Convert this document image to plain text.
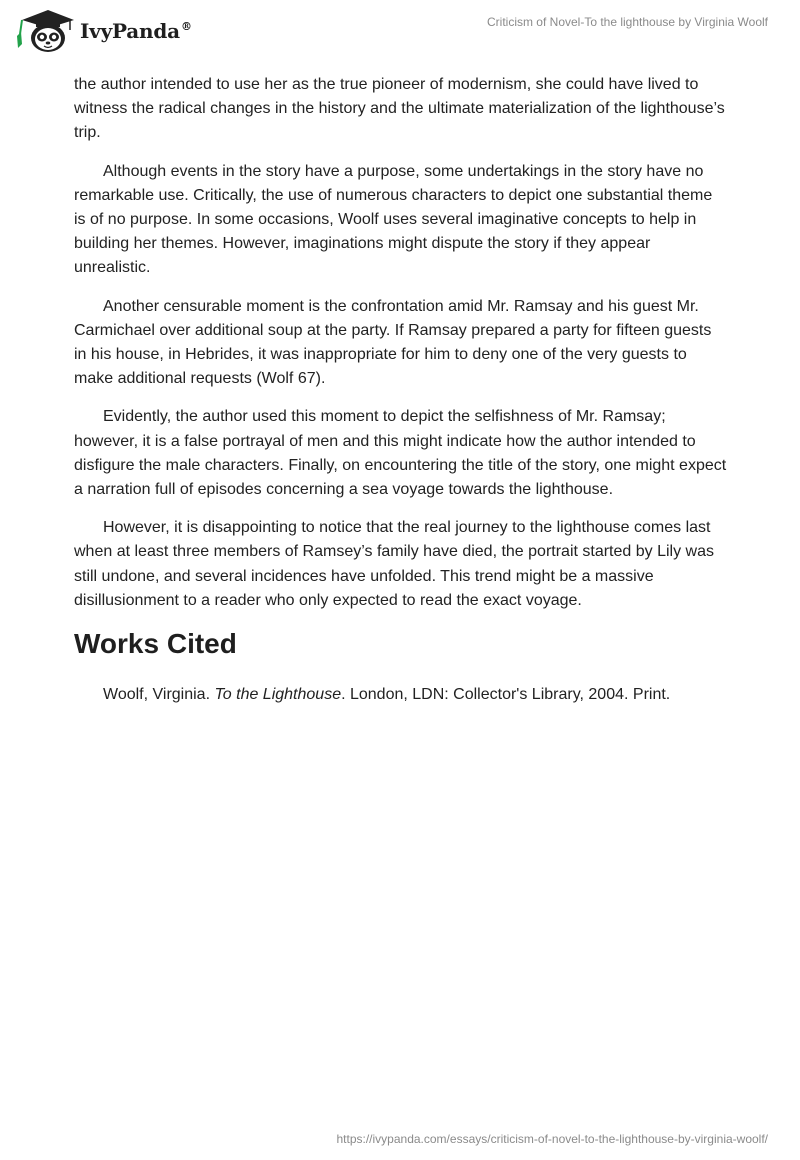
IvyPanda®	Criticism of Novel-To the lighthouse by Virginia Woolf

the author intended to use her as the true pioneer of modernism, she could have lived to witness the radical changes in the history and the ultimate materialization of the lighthouse’s trip.

Although events in the story have a purpose, some undertakings in the story have no remarkable use. Critically, the use of numerous characters to depict one substantial theme is of no purpose. In some occasions, Woolf uses several imaginative concepts to help in building her themes. However, imaginations might dispute the story if they appear unrealistic.

Another censurable moment is the confrontation amid Mr. Ramsay and his guest Mr. Carmichael over additional soup at the party. If Ramsay prepared a party for fifteen guests in his house, in Hebrides, it was inappropriate for him to deny one of the very guests to make additional requests (Wolf 67).

Evidently, the author used this moment to depict the selfishness of Mr. Ramsay; however, it is a false portrayal of men and this might indicate how the author intended to disfigure the male characters. Finally, on encountering the title of the story, one might expect a narration full of episodes concerning a sea voyage towards the lighthouse.

However, it is disappointing to notice that the real journey to the lighthouse comes last when at least three members of Ramsey’s family have died, the portrait started by Lily was still undone, and several incidences have unfolded. This trend might be a massive disillusionment to a reader who only expected to read the exact voyage.

Works Cited

Woolf, Virginia. To the Lighthouse. London, LDN: Collector's Library, 2004. Print.

https://ivypanda.com/essays/criticism-of-novel-to-the-lighthouse-by-virginia-woolf/
